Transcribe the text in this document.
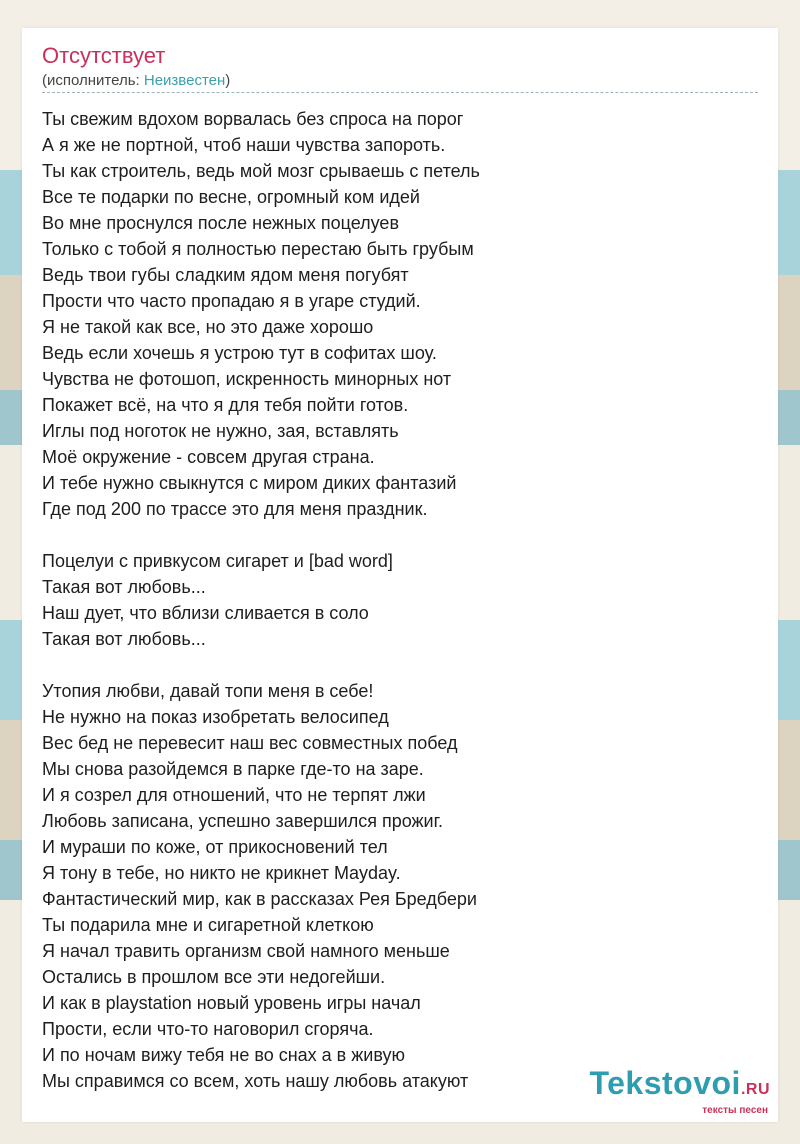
Отсутствует
(исполнитель: Неизвестен)
Ты свежим вдохом ворвалась без спроса на порог
А я же не портной, чтоб наши чувства запороть.
Ты как строитель, ведь мой мозг срываешь с петель
Все те подарки по весне, огромный ком идей
Во мне проснулся после нежных поцелуев
Только с тобой я полностью перестаю быть грубым
Ведь твои губы сладким ядом меня погубят
Прости что часто пропадаю я в угаре студий.
Я не такой как все, но это даже хорошо
Ведь если хочешь я устрою тут в софитах шоу.
Чувства не фотошоп, искренность минорных нот
Покажет всё, на что я для тебя пойти готов.
Иглы под ноготок не нужно, зая, вставлять
Моё окружение - совсем другая страна.
И тебе нужно свыкнутся с миром диких фантазий
Где под 200 по трассе это для меня праздник.
Поцелуи с привкусом сигарет и [bad word]
Такая вот любовь...
Наш дует, что вблизи сливается в соло
Такая вот любовь...
Утопия любви, давай топи меня в себе!
Не нужно на показ изобретать велосипед
Вес бед не перевесит наш вес совместных побед
Мы снова разойдемся в парке где-то на заре.
И я созрел для отношений, что не терпят лжи
Любовь записана, успешно завершился прожиг.
И мураши по коже, от прикосновений тел
Я тону в тебе, но никто не крикнет Mayday.
Фантастический мир, как в рассказах Рея Бредбери
Ты подарила мне и сигаретной клеткою
Я начал травить организм свой намного меньше
Остались в прошлом все эти недогейши.
И как в playstation новый уровень игры начал
Прости, если что-то наговорил сгоряча.
И по ночам вижу тебя не во снах а в живую
Мы справимся со всем, хоть нашу любовь атакуют	Tekstovoi.RU
тексты песен
